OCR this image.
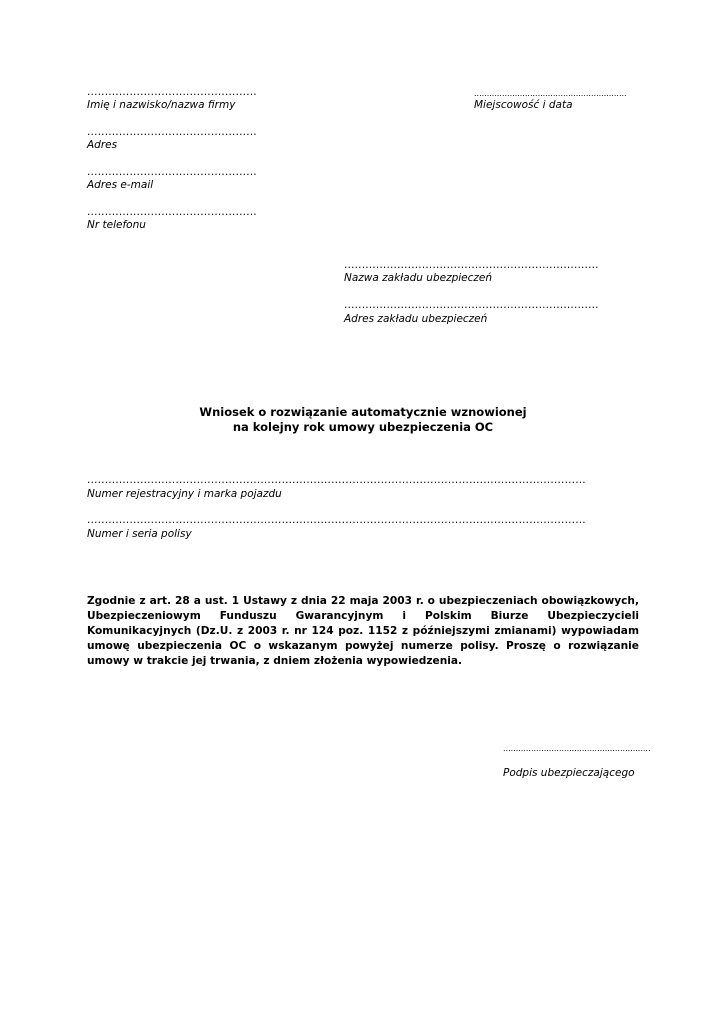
................................................
Imię i nazwisko/nazwa firmy
................................................
Adres
................................................
Adres e-mail
................................................
Nr telefonu
............................................................
Miejscowość i data
........................................................................
Nazwa zakładu ubezpieczeń
........................................................................
Adres zakładu ubezpieczeń
Wniosek o rozwiązanie automatycznie wznowionej
na kolejny rok umowy ubezpieczenia OC
.............................................................................................................................................
Numer rejestracyjny i marka pojazdu
.............................................................................................................................................
Numer i seria polisy
Zgodnie z art. 28 a ust. 1 Ustawy z dnia 22 maja 2003 r. o ubezpieczeniach obowiązkowych, Ubezpieczeniowym Funduszu Gwarancyjnym i Polskim Biurze Ubezpieczycieli Komunikacyjnych (Dz.U. z 2003 r. nr 124 poz. 1152 z późniejszymi zmianami) wypowiadam umowę ubezpieczenia OC o wskazanym powyżej numerze polisy. Proszę o rozwiązanie umowy w trakcie jej trwania, z dniem złożenia wypowiedzenia.
..........................................................
Podpis ubezpieczającego
